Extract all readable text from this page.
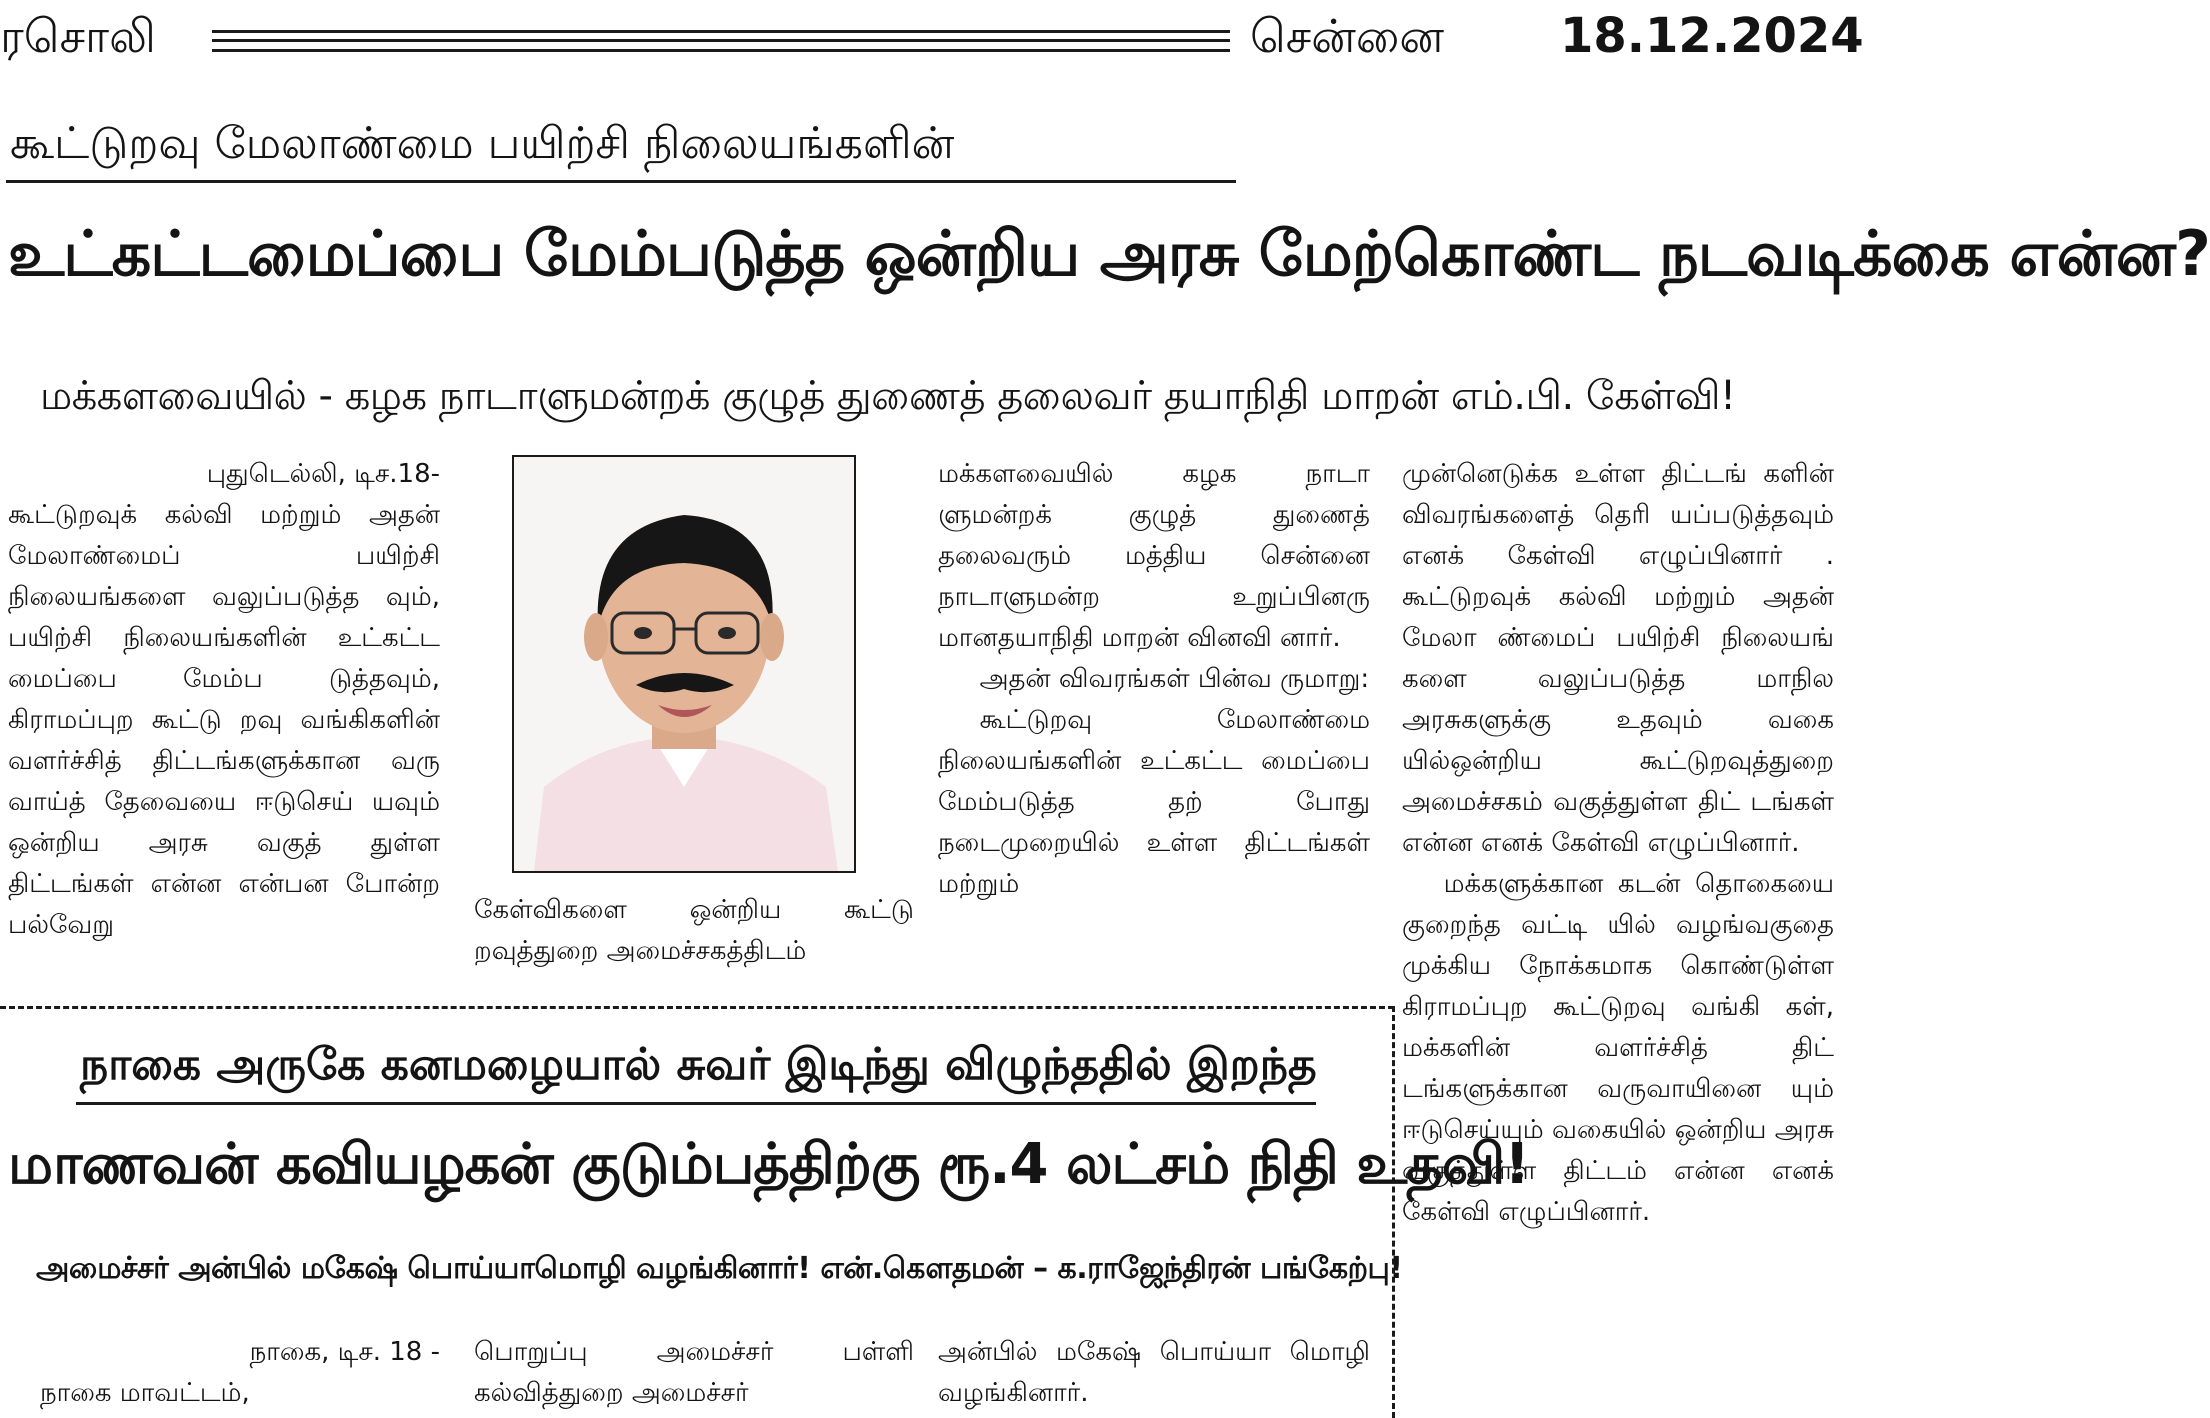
ரசொலி	சென்னை 18.12.2024
கூட்டுறவு மேலாண்மை பயிற்சி நிலையங்களின்
உட்கட்டமைப்பை மேம்படுத்த ஒன்றிய அரசு மேற்கொண்ட நடவடிக்கை என்ன?
மக்களவையில் - கழக நாடாளுமன்றக் குழுத் துணைத் தலைவர் தயாநிதி மாறன் எம்.பி. கேள்வி!

புதுடெல்லி, டிச.18-

கூட்டுறவுக் கல்வி மற்றும் அதன் மேலாண்மைப் பயிற்சி நிலையங்களை வலுப்படுத்த வும், பயிற்சி நிலையங்களின் உட்கட்ட மைப்பை மேம்ப டுத்தவும், கிராமப்புற கூட்டு றவு வங்கிகளின் வளர்ச்சித் திட்டங்களுக்கான வரு வாய்த் தேவையை ஈடுசெய் யவும் ஒன்றிய அரசு வகுத் துள்ள திட்டங்கள் என்ன என்பன போன்ற பல்வேறு	கேள்விகளை ஒன்றிய கூட்டு றவுத்துறை அமைச்சகத்திடம்

மக்களவையில் கழக நாடா ளுமன்றக் குழுத் துணைத் தலைவரும் மத்திய சென்னை நாடாளுமன்ற உறுப்பினரு மானதயாநிதி மாறன் வினவி னார்.

அதன் விவரங்கள் பின்வ ருமாறு:

கூட்டுறவு மேலாண்மை நிலையங்களின் உட்கட்ட மைப்பை மேம்படுத்த தற் போது நடைமுறையில் உள்ள திட்டங்கள் மற்றும்

முன்னெடுக்க உள்ள திட்டங் களின் விவரங்களைத் தெரி யப்படுத்தவும் எனக் கேள்வி எழுப்பினார் . கூட்டுறவுக் கல்வி மற்றும் அதன் மேலா ண்மைப் பயிற்சி நிலையங் களை வலுப்படுத்த மாநில அரசுகளுக்கு உதவும் வகை யில்ஒன்றிய கூட்டுறவுத்துறை அமைச்சகம் வகுத்துள்ள திட் டங்கள் என்ன எனக் கேள்வி எழுப்பினார்.

மக்களுக்கான கடன் தொகையை குறைந்த வட்டி யில் வழங்வகுதை முக்கிய நோக்கமாக கொண்டுள்ள கிராமப்புற கூட்டுறவு வங்கி கள், மக்களின் வளர்ச்சித் திட் டங்களுக்கான வருவாயினை யும் ஈடுசெய்யும் வகையில் ஒன்றிய அரசு வகுத்துள்ள திட்டம் என்ன எனக் கேள்வி எழுப்பினார்.

நாகை அருகே கனமழையால் சுவர் இடிந்து விழுந்ததில் இறந்த
மாணவன் கவியழகன் குடும்பத்திற்கு ரூ.4 லட்சம் நிதி உதவி!
அமைச்சர் அன்பில் மகேஷ் பொய்யாமொழி வழங்கினார்! என்.கௌதமன் – க.ராஜேந்திரன் பங்கேற்பு!

நாகை, டிச. 18 -

நாகை மாவட்டம்,

பொறுப்பு அமைச்சர் பள்ளி கல்வித்துறை அமைச்சர்

அன்பில் மகேஷ் பொய்யா மொழி வழங்கினார்.
